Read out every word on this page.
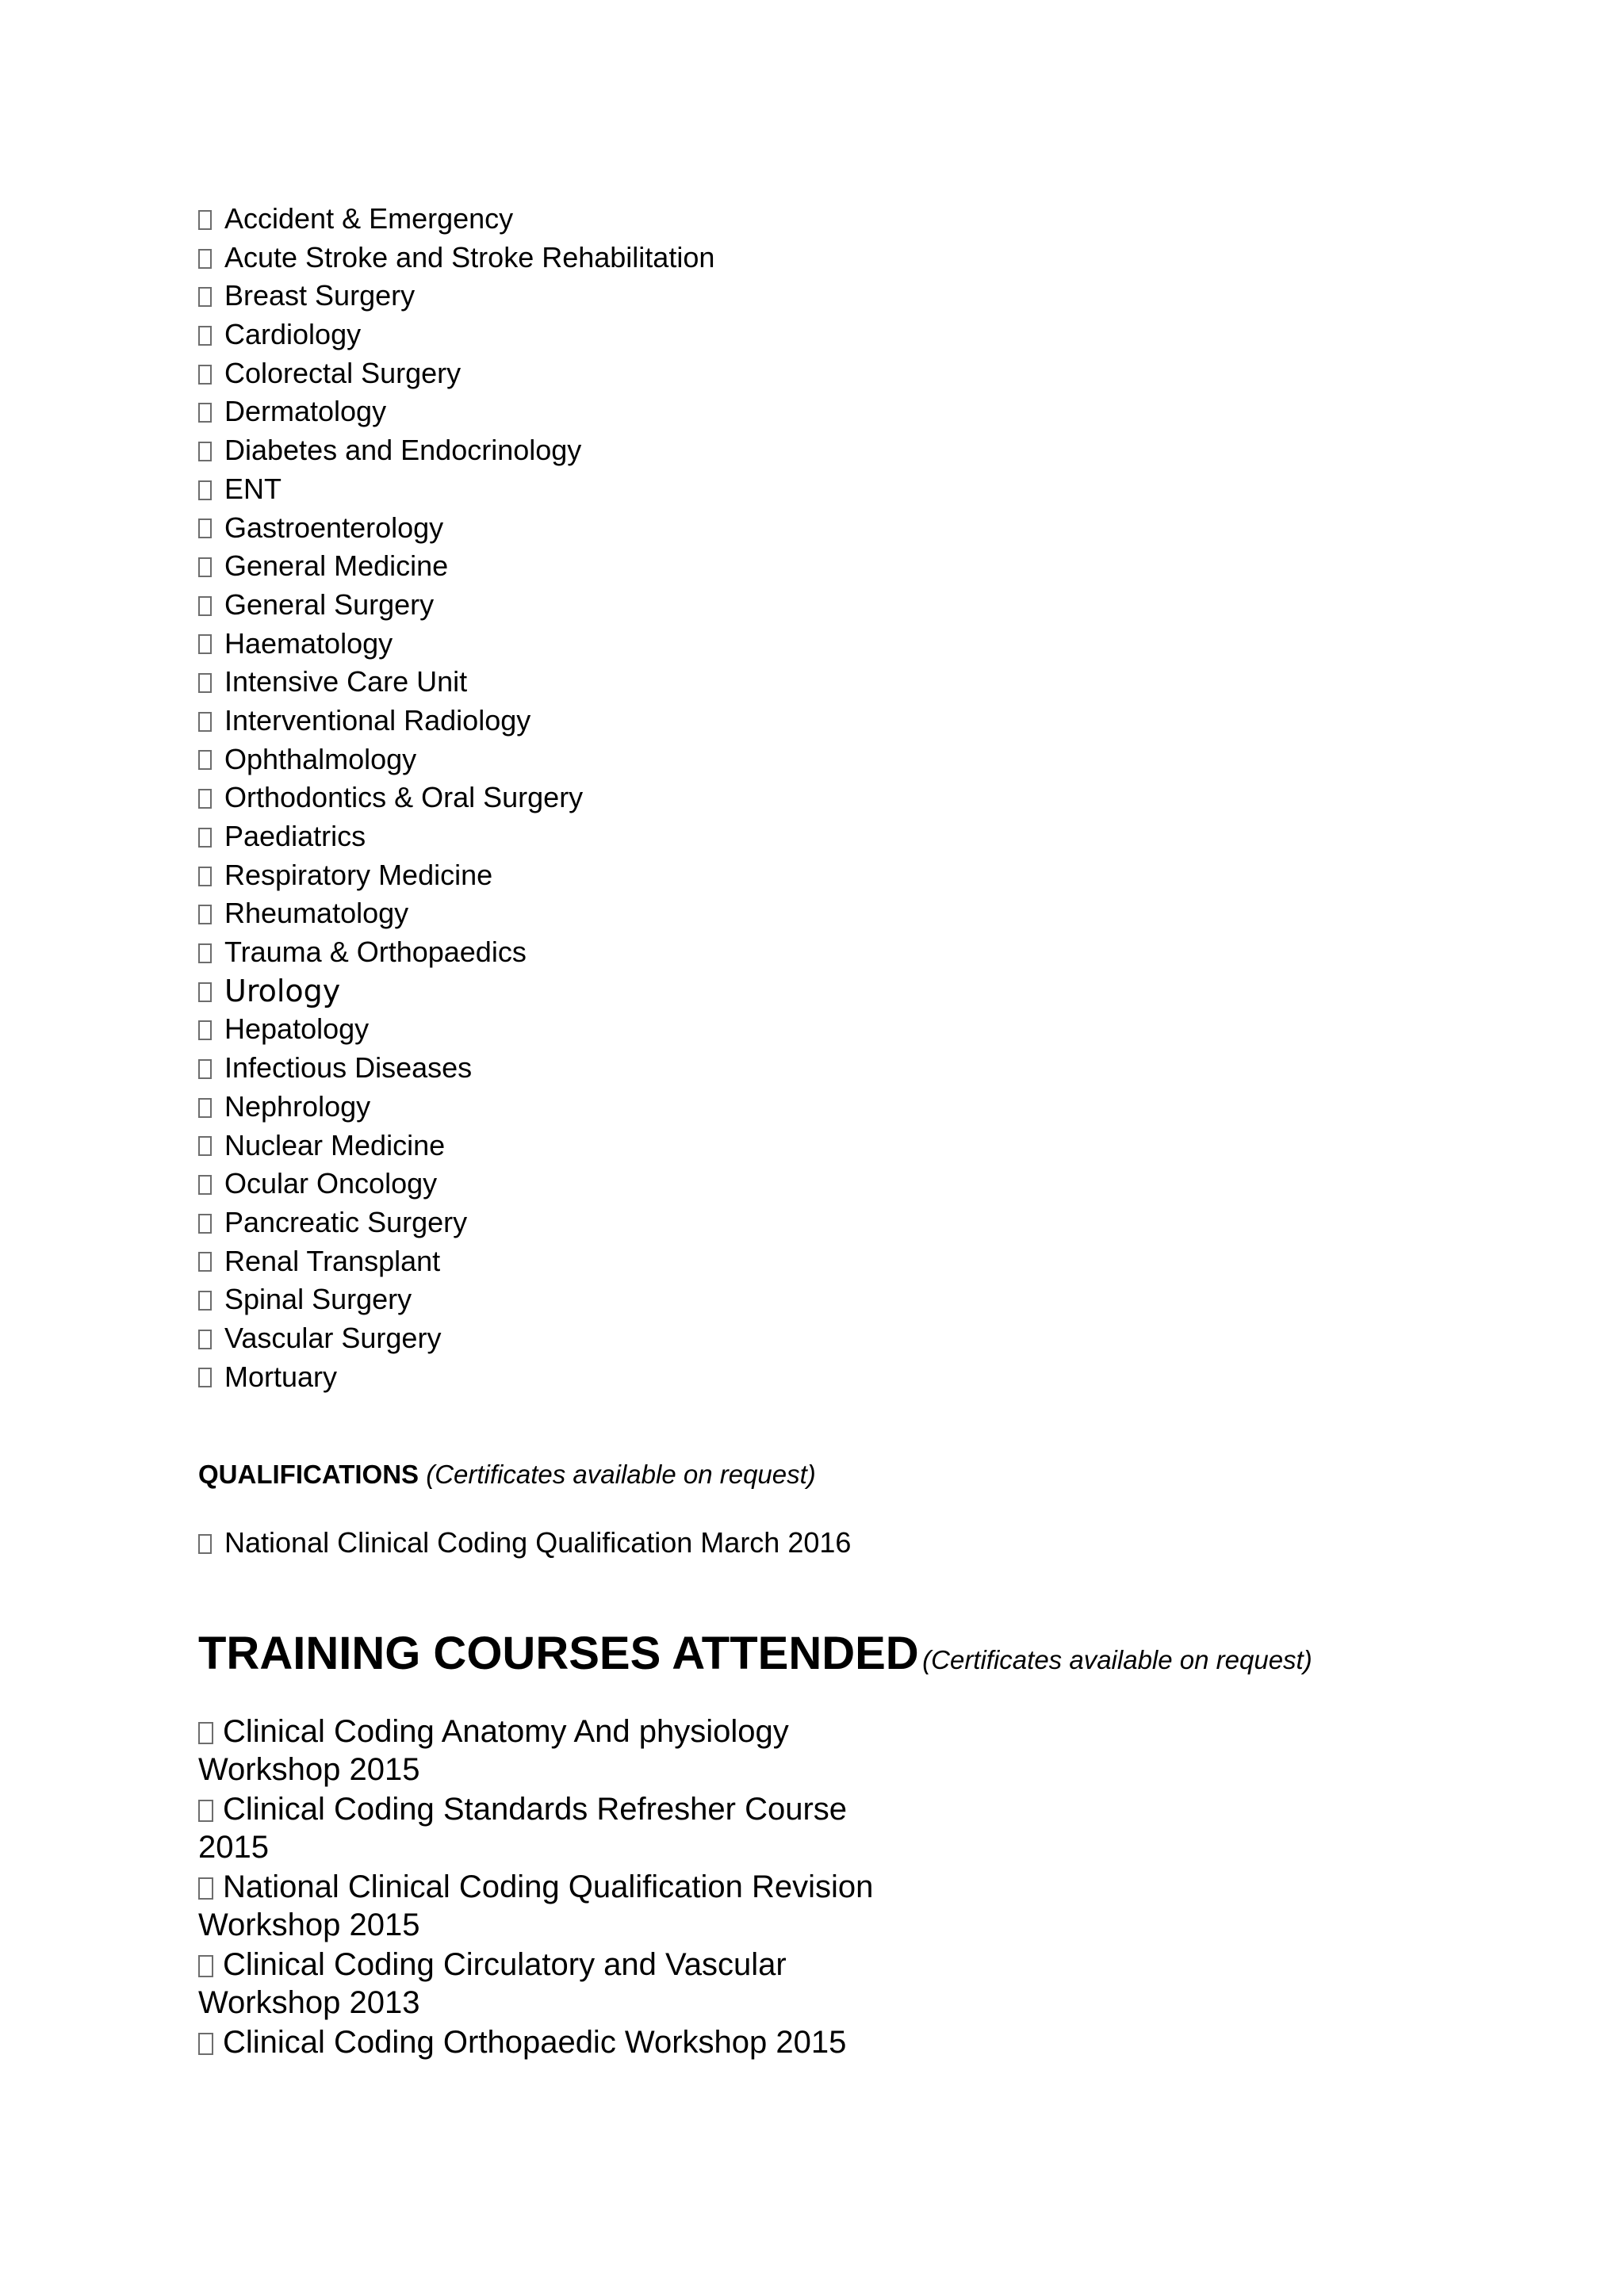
Accident & Emergency
Acute Stroke and Stroke Rehabilitation
Breast Surgery
Cardiology
Colorectal Surgery
Dermatology
Diabetes and Endocrinology
ENT
Gastroenterology
General Medicine
General Surgery
Haematology
Intensive Care Unit
Interventional Radiology
Ophthalmology
Orthodontics & Oral Surgery
Paediatrics
Respiratory Medicine
Rheumatology
Trauma & Orthopaedics
Urology
Hepatology
Infectious Diseases
Nephrology
Nuclear Medicine
Ocular Oncology
Pancreatic Surgery
Renal Transplant
Spinal Surgery
Vascular Surgery
Mortuary
QUALIFICATIONS (Certificates available on request)
National Clinical Coding Qualification March 2016
TRAINING COURSES ATTENDED (Certificates available on request)
Clinical Coding Anatomy And physiology Workshop 2015
Clinical Coding Standards Refresher Course 2015
National Clinical Coding Qualification Revision Workshop 2015
Clinical Coding Circulatory and Vascular Workshop 2013
Clinical Coding Orthopaedic Workshop 2015
